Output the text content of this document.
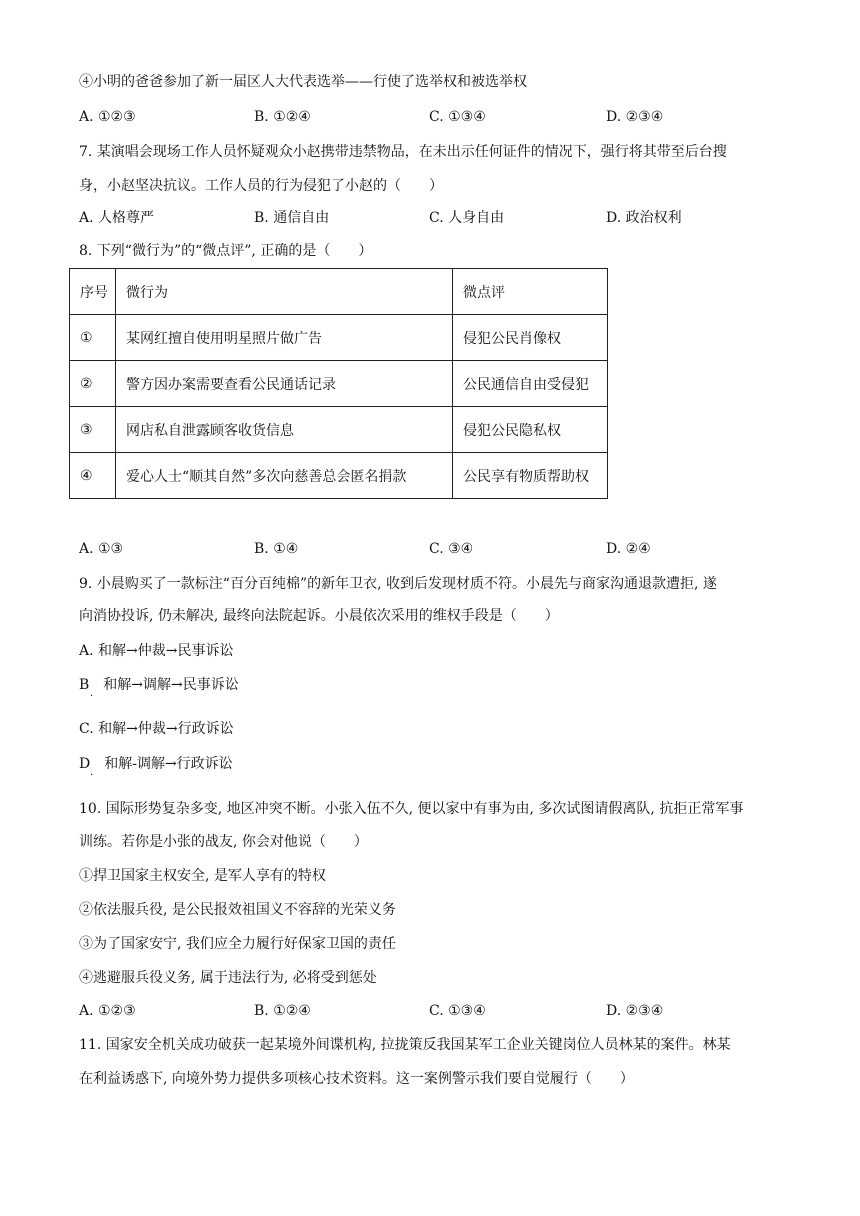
④小明的爸爸参加了新一届区人大代表选举——行使了选举权和被选举权
A. ①②③	B. ①②④	C. ①③④	D. ②③④
7. 某演唱会现场工作人员怀疑观众小赵携带违禁物品，在未出示任何证件的情况下，强行将其带至后台搜
身，小赵坚决抗议。工作人员的行为侵犯了小赵的（　　）
A. 人格尊严	B. 通信自由	C. 人身自由	D. 政治权利
8. 下列“微行为”的“微点评”, 正确的是（　　）
序号	微行为	微点评
①	某网红擅自使用明星照片做广告	侵犯公民肖像权
②	警方因办案需要查看公民通话记录	公民通信自由受侵犯
③	网店私自泄露顾客收货信息	侵犯公民隐私权
④	爱心人士“顺其自然”多次向慈善总会匿名捐款	公民享有物质帮助权
A. ①③	B. ①④	C. ③④	D. ②④
9. 小晨购买了一款标注“百分百纯棉”的新年卫衣, 收到后发现材质不符。小晨先与商家沟通退款遭拒, 遂
向消协投诉, 仍未解决, 最终向法院起诉。小晨依次采用的维权手段是（　　）
A. 和解→仲裁→民事诉讼
B　和解→调解→民事诉讼
·
C. 和解→仲裁→行政诉讼
D　和解-调解→行政诉讼
·
10. 国际形势复杂多变, 地区冲突不断。小张入伍不久, 便以家中有事为由, 多次试图请假离队, 抗拒正常军事
训练。若你是小张的战友, 你会对他说（　　）
①捍卫国家主权安全, 是军人享有的特权
②依法服兵役, 是公民报效祖国义不容辞的光荣义务
③为了国家安宁, 我们应全力履行好保家卫国的责任
④逃避服兵役义务, 属于违法行为, 必将受到惩处
A. ①②③	B. ①②④	C. ①③④	D. ②③④
11. 国家安全机关成功破获一起某境外间谍机构, 拉拢策反我国某军工企业关键岗位人员林某的案件。林某
在利益诱惑下, 向境外势力提供多项核心技术资料。这一案例警示我们要自觉履行（　　）
